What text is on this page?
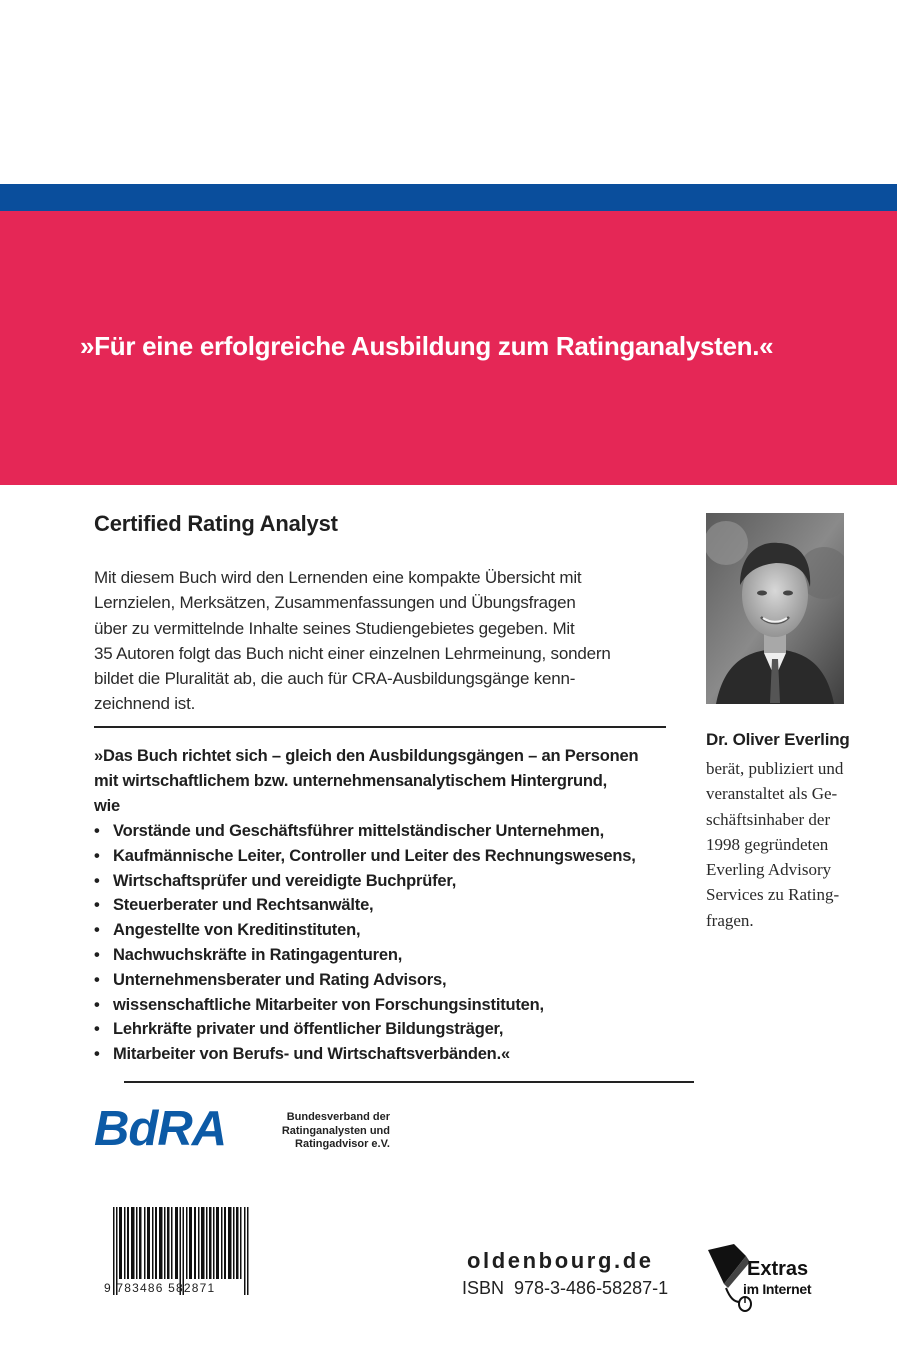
»Für eine erfolgreiche Ausbildung zum Ratinganalysten.«

Certified Rating Analyst

Mit diesem Buch wird den Lernenden eine kompakte Übersicht mit
Lernzielen, Merksätzen, Zusammenfassungen und Übungsfragen
über zu vermittelnde Inhalte seines Studiengebietes gegeben. Mit
35 Autoren folgt das Buch nicht einer einzelnen Lehrmeinung, sondern
bildet die Pluralität ab, die auch für CRA-Ausbildungsgänge kenn-
zeichnend ist.

»Das Buch richtet sich – gleich den Ausbildungsgängen – an Personen
mit wirtschaftlichem bzw. unternehmensanalytischem Hintergrund,
wie

• Vorstände und Geschäftsführer mittelständischer Unternehmen,
• Kaufmännische Leiter, Controller und Leiter des Rechnungswesens,
• Wirtschaftsprüfer und vereidigte Buchprüfer,
• Steuerberater und Rechtsanwälte,
• Angestellte von Kreditinstituten,
• Nachwuchskräfte in Ratingagenturen,
• Unternehmensberater und Rating Advisors,
• wissenschaftliche Mitarbeiter von Forschungsinstituten,
• Lehrkräfte privater und öffentlicher Bildungsträger,
• Mitarbeiter von Berufs- und Wirtschaftsverbänden.«

Dr. Oliver Everling

berät, publiziert und
veranstaltet als Ge-
schäftsinhaber der
1998 gegründeten
Everling Advisory
Services zu Rating-
fragen.

BdRA	Bundesverband der
Ratinganalysten und
Ratingadvisor e.V.

9 783486 582871

oldenbourg.de

ISBN 978-3-486-58287-1

Extras

im Internet
